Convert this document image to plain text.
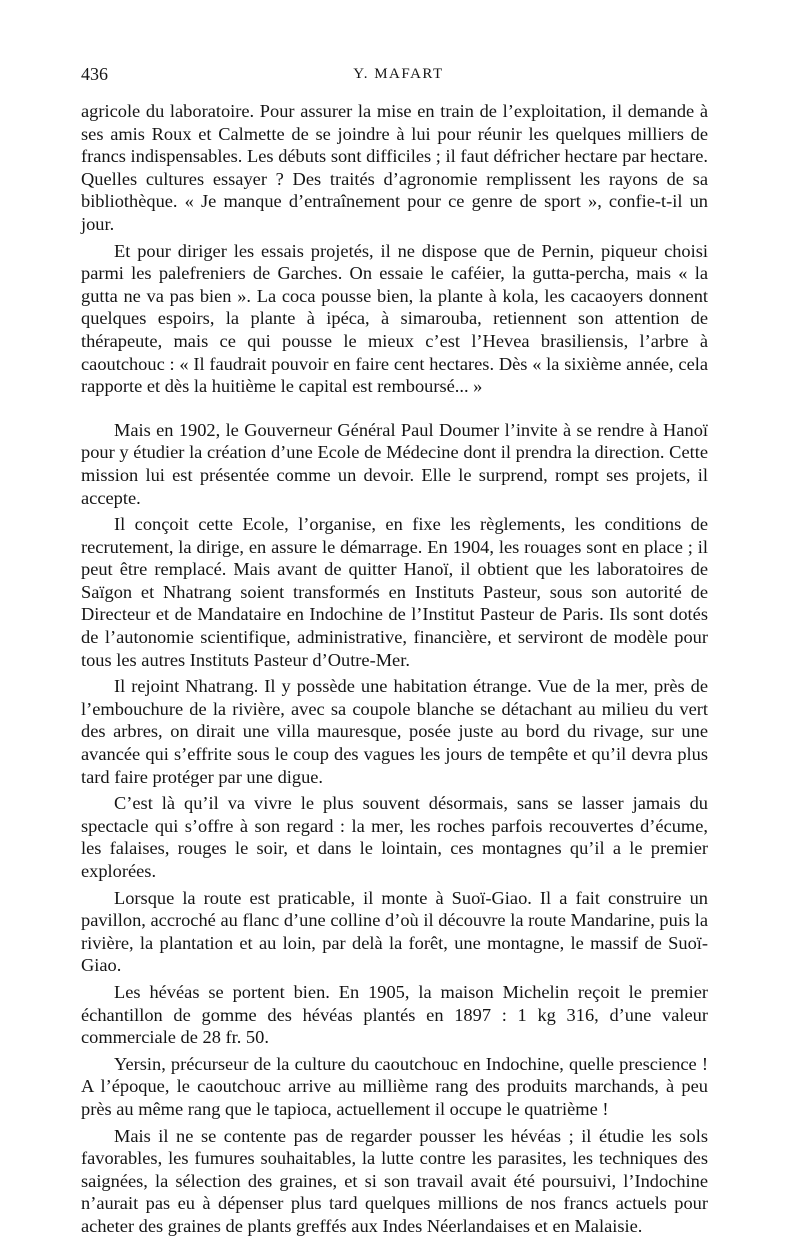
436	Y. MAFART

agricole du laboratoire. Pour assurer la mise en train de l’exploitation, il demande à ses amis Roux et Calmette de se joindre à lui pour réunir les quelques milliers de francs indispensables. Les débuts sont difficiles ; il faut défricher hectare par hectare. Quelles cultures essayer ? Des traités d’agronomie remplissent les rayons de sa bibliothèque. « Je manque d’entraînement pour ce genre de sport », confie-t-il un jour.

Et pour diriger les essais projetés, il ne dispose que de Pernin, piqueur choisi parmi les palefreniers de Garches. On essaie le caféier, la gutta-percha, mais « la gutta ne va pas bien ». La coca pousse bien, la plante à kola, les cacaoyers donnent quelques espoirs, la plante à ipéca, à simarouba, retiennent son attention de thérapeute, mais ce qui pousse le mieux c’est l’Hevea brasiliensis, l’arbre à caoutchouc : « Il faudrait pouvoir en faire cent hectares. Dès « la sixième année, cela rapporte et dès la huitième le capital est remboursé... »

Mais en 1902, le Gouverneur Général Paul Doumer l’invite à se rendre à Hanoï pour y étudier la création d’une Ecole de Médecine dont il prendra la direction. Cette mission lui est présentée comme un devoir. Elle le surprend, rompt ses projets, il accepte.

Il conçoit cette Ecole, l’organise, en fixe les règlements, les conditions de recrutement, la dirige, en assure le démarrage. En 1904, les rouages sont en place ; il peut être remplacé. Mais avant de quitter Hanoï, il obtient que les laboratoires de Saïgon et Nhatrang soient transformés en Instituts Pasteur, sous son autorité de Directeur et de Mandataire en Indochine de l’Institut Pasteur de Paris. Ils sont dotés de l’autonomie scientifique, administrative, financière, et serviront de modèle pour tous les autres Instituts Pasteur d’Outre-Mer.

Il rejoint Nhatrang. Il y possède une habitation étrange. Vue de la mer, près de l’embouchure de la rivière, avec sa coupole blanche se détachant au milieu du vert des arbres, on dirait une villa mauresque, posée juste au bord du rivage, sur une avancée qui s’effrite sous le coup des vagues les jours de tempête et qu’il devra plus tard faire protéger par une digue.

C’est là qu’il va vivre le plus souvent désormais, sans se lasser jamais du spectacle qui s’offre à son regard : la mer, les roches parfois recouvertes d’écume, les falaises, rouges le soir, et dans le lointain, ces montagnes qu’il a le premier explorées.

Lorsque la route est praticable, il monte à Suoï-Giao. Il a fait construire un pavillon, accroché au flanc d’une colline d’où il découvre la route Mandarine, puis la rivière, la plantation et au loin, par delà la forêt, une montagne, le massif de Suoï-Giao.

Les hévéas se portent bien. En 1905, la maison Michelin reçoit le premier échantillon de gomme des hévéas plantés en 1897 : 1 kg 316, d’une valeur commerciale de 28 fr. 50.

Yersin, précurseur de la culture du caoutchouc en Indochine, quelle prescience ! A l’époque, le caoutchouc arrive au millième rang des produits marchands, à peu près au même rang que le tapioca, actuellement il occupe le quatrième !

Mais il ne se contente pas de regarder pousser les hévéas ; il étudie les sols favorables, les fumures souhaitables, la lutte contre les parasites, les techniques des saignées, la sélection des graines, et si son travail avait été poursuivi, l’Indochine n’aurait pas eu à dépenser plus tard quelques millions de nos francs actuels pour acheter des graines de plants greffés aux Indes Néerlandaises et en Malaisie.
